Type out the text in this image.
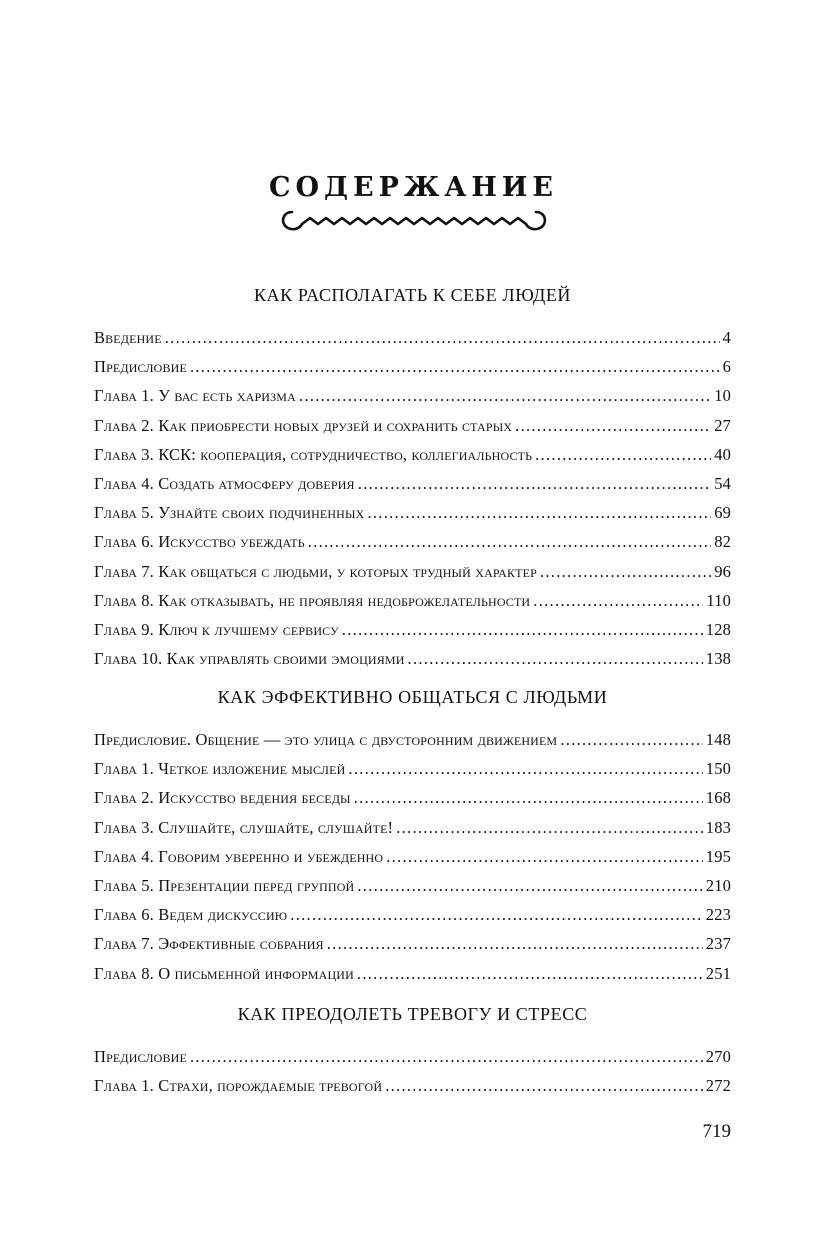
СОДЕРЖАНИЕ
КАК РАСПОЛАГАТЬ К СЕБЕ ЛЮДЕЙ
Введение .....	4
Предисловие .....	6
Глава 1. У вас есть харизма .....	10
Глава 2. Как приобрести новых друзей и сохранить старых .....	27
Глава 3. КСК: кооперация, сотрудничество, коллегиальность .....	40
Глава 4. Создать атмосферу доверия .....	54
Глава 5. Узнайте своих подчиненных .....	69
Глава 6. Искусство убеждать .....	82
Глава 7. Как общаться с людьми, у которых трудный характер .....	96
Глава 8. Как отказывать, не проявляя недоброжелательности .....	110
Глава 9. Ключ к лучшему сервису .....	128
Глава 10. Как управлять своими эмоциями .....	138
КАК ЭФФЕКТИВНО ОБЩАТЬСЯ С ЛЮДЬМИ
Предисловие. Общение — это улица с двусторонним движением .....	148
Глава 1. Четкое изложение мыслей .....	150
Глава 2. Искусство ведения беседы .....	168
Глава 3. Слушайте, слушайте, слушайте! .....	183
Глава 4. Говорим уверенно и убежденно .....	195
Глава 5. Презентации перед группой .....	210
Глава 6. Ведем дискуссию .....	223
Глава 7. Эффективные собрания .....	237
Глава 8. О письменной информации .....	251
КАК ПРЕОДОЛЕТЬ ТРЕВОГУ И СТРЕСС
Предисловие .....	270
Глава 1. Страхи, порождаемые тревогой .....	272

719
